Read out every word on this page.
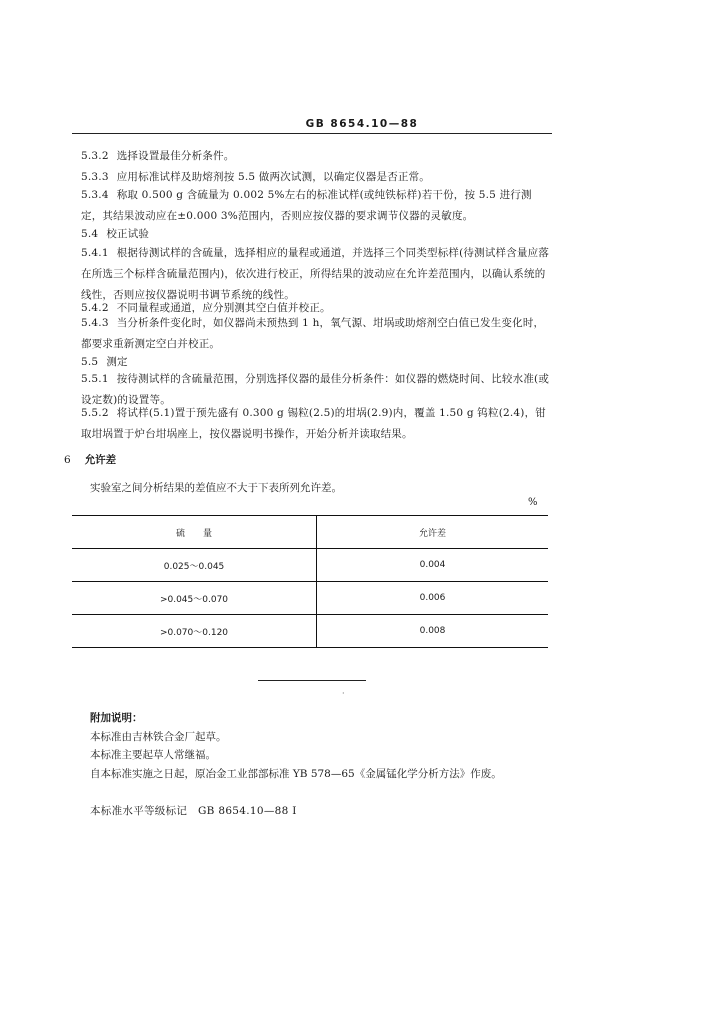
GB 8654.10—88
5.3.2 选择设置最佳分析条件。
5.3.3 应用标准试样及助熔剂按 5.5 做两次试测，以确定仪器是否正常。
5.3.4 称取 0.500 g 含硫量为 0.002 5%左右的标准试样(或纯铁标样)若干份，按 5.5 进行测定，其结果波动应在±0.000 3%范围内，否则应按仪器的要求调节仪器的灵敏度。
5.4 校正试验
5.4.1 根据待测试样的含硫量，选择相应的量程或通道，并选择三个同类型标样(待测试样含量应落在所选三个标样含硫量范围内)，依次进行校正，所得结果的波动应在允许差范围内，以确认系统的线性，否则应按仪器说明书调节系统的线性。
5.4.2 不同量程或通道，应分别测其空白值并校正。
5.4.3 当分析条件变化时，如仪器尚未预热到 1 h，氧气源、坩埚或助熔剂空白值已发生变化时，都要求重新测定空白并校正。
5.5 测定
5.5.1 按待测试样的含硫量范围，分别选择仪器的最佳分析条件：如仪器的燃烧时间、比较水准(或设定数)的设置等。
5.5.2 将试样(5.1)置于预先盛有 0.300 g 锡粒(2.5)的坩埚(2.9)内，覆盖 1.50 g 钨粒(2.4)，钳取坩埚置于炉台坩埚座上，按仪器说明书操作，开始分析并读取结果。
6 允许差
实验室之间分析结果的差值应不大于下表所列允许差。
%
硫　　量	允许差
0.025～0.045	0.004
>0.045～0.070	0.006
>0.070～0.120	0.008
·
附加说明：
本标准由吉林铁合金厂起草。
本标准主要起草人常继福。
自本标准实施之日起，原冶金工业部部标准 YB 578—65《金属锰化学分析方法》作废。
本标准水平等级标记　GB 8654.10—88 I
